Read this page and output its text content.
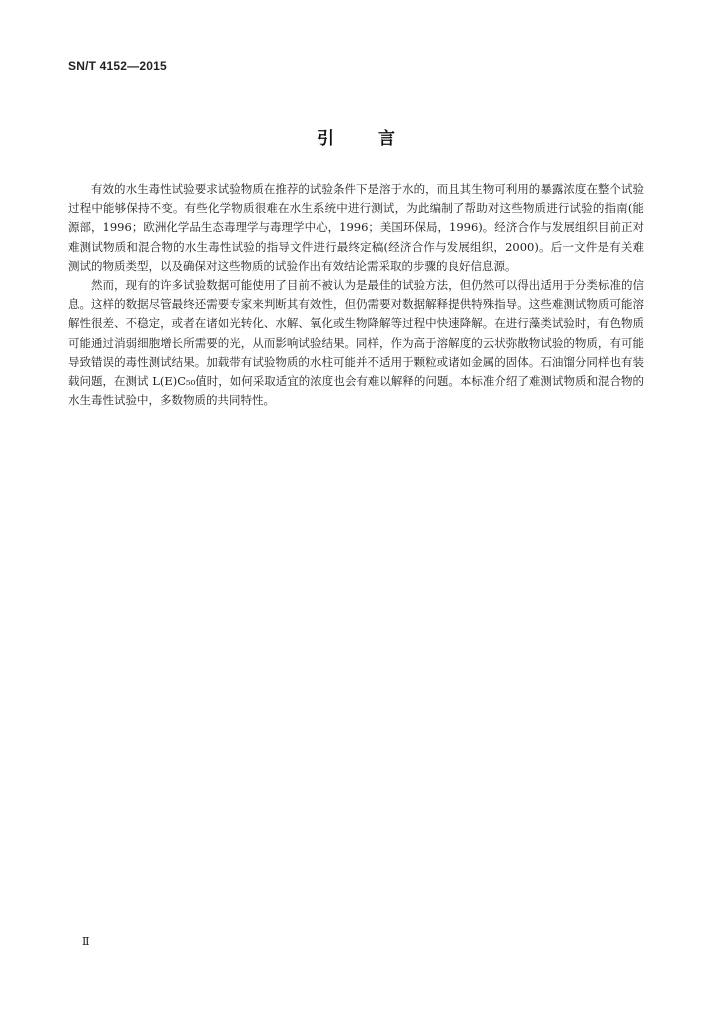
SN/T 4152—2015
引 言

有效的水生毒性试验要求试验物质在推荐的试验条件下是溶于水的，而且其生物可利用的暴露浓度在整个试验过程中能够保持不变。有些化学物质很难在水生系统中进行测试，为此编制了帮助对这些物质进行试验的指南(能源部，1996；欧洲化学品生态毒理学与毒理学中心，1996；美国环保局，1996)。经济合作与发展组织目前正对难测试物质和混合物的水生毒性试验的指导文件进行最终定稿(经济合作与发展组织，2000)。后一文件是有关难测试的物质类型，以及确保对这些物质的试验作出有效结论需采取的步骤的良好信息源。

然而，现有的许多试验数据可能使用了目前不被认为是最佳的试验方法，但仍然可以得出适用于分类标准的信息。这样的数据尽管最终还需要专家来判断其有效性，但仍需要对数据解释提供特殊指导。这些难测试物质可能溶解性很差、不稳定，或者在诸如光转化、水解、氧化或生物降解等过程中快速降解。在进行藻类试验时，有色物质可能通过消弱细胞增长所需要的光，从而影响试验结果。同样，作为高于溶解度的云状弥散物试验的物质，有可能导致错误的毒性测试结果。加载带有试验物质的水柱可能并不适用于颗粒或诸如金属的固体。石油馏分同样也有装载问题，在测试 L(E)C₅₀值时，如何采取适宜的浓度也会有难以解释的问题。本标准介绍了难测试物质和混合物的水生毒性试验中，多数物质的共同特性。

Ⅱ
